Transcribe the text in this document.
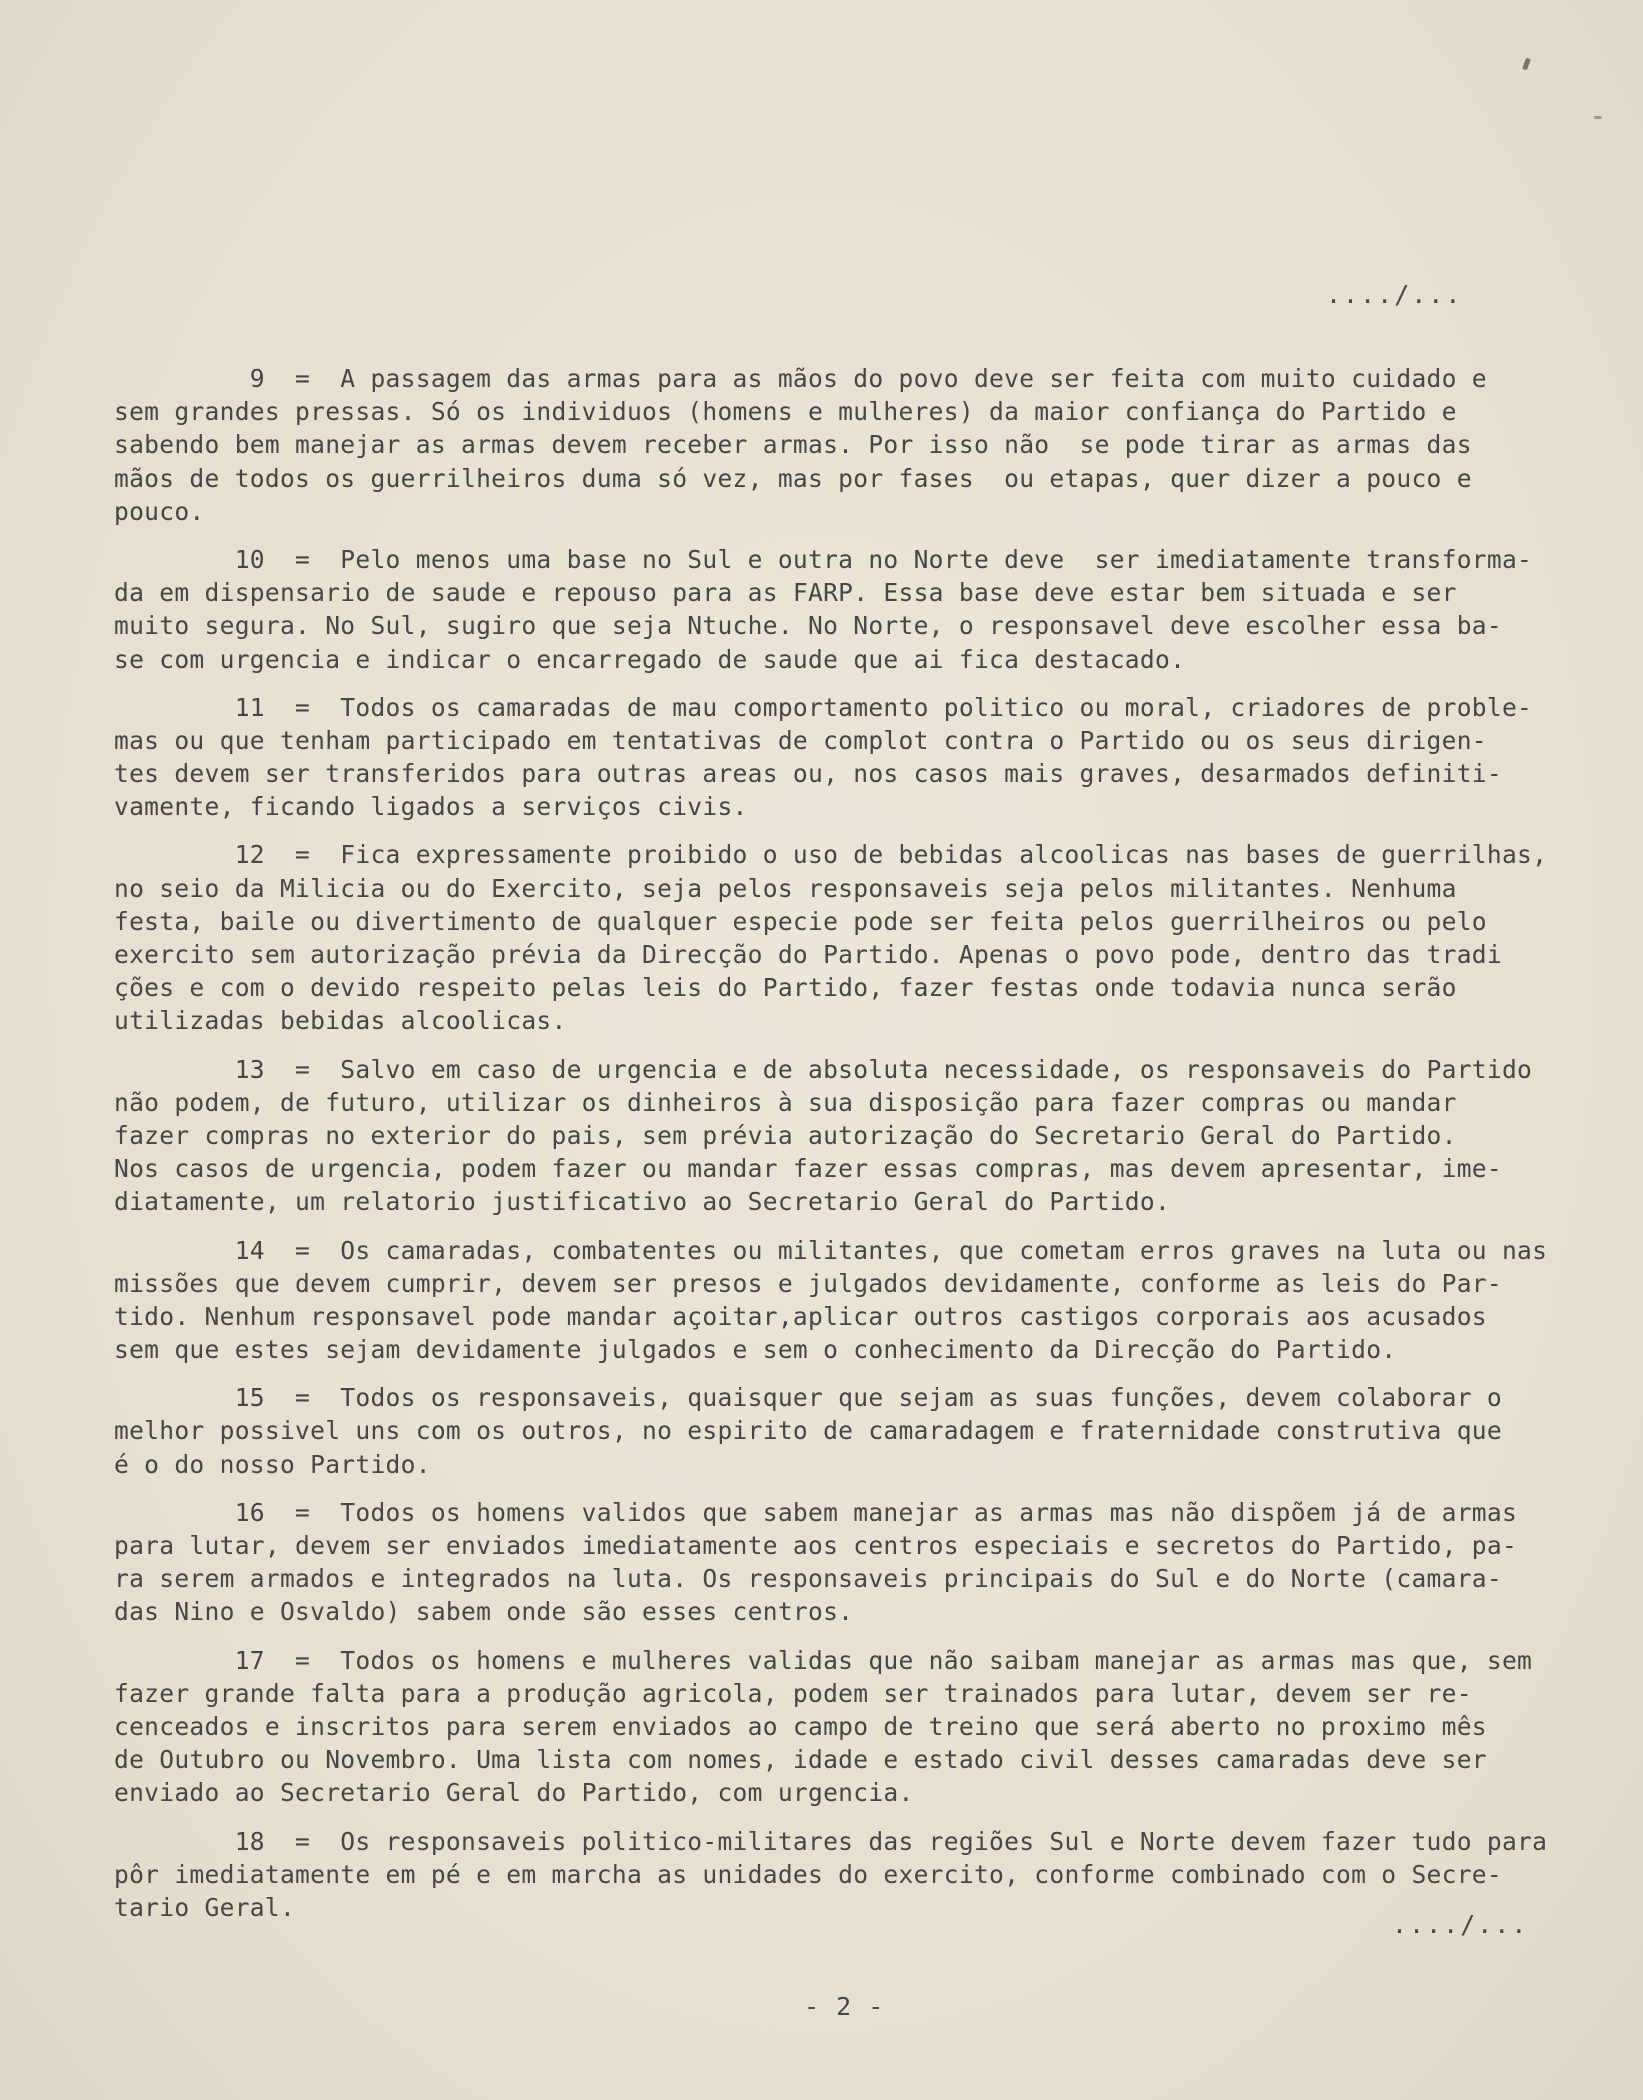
..../...
9  =  A passagem das armas para as mãos do povo deve ser feita com muito cuidado e
sem grandes pressas. Só os individuos (homens e mulheres) da maior confiança do Partido e
sabendo bem manejar as armas devem receber armas. Por isso não  se pode tirar as armas das
mãos de todos os guerrilheiros duma só vez, mas por fases  ou etapas, quer dizer a pouco e
pouco.
10  =  Pelo menos uma base no Sul e outra no Norte deve  ser imediatamente transforma-
da em dispensario de saude e repouso para as FARP. Essa base deve estar bem situada e ser
muito segura. No Sul, sugiro que seja Ntuche. No Norte, o responsavel deve escolher essa ba-
se com urgencia e indicar o encarregado de saude que ai fica destacado.
11  =  Todos os camaradas de mau comportamento politico ou moral, criadores de proble-
mas ou que tenham participado em tentativas de complot contra o Partido ou os seus dirigen-
tes devem ser transferidos para outras areas ou, nos casos mais graves, desarmados definiti-
vamente, ficando ligados a serviços civis.
12  =  Fica expressamente proibido o uso de bebidas alcoolicas nas bases de guerrilhas,
no seio da Milicia ou do Exercito, seja pelos responsaveis seja pelos militantes. Nenhuma
festa, baile ou divertimento de qualquer especie pode ser feita pelos guerrilheiros ou pelo
exercito sem autorização prévia da Direcção do Partido. Apenas o povo pode, dentro das tradi
ções e com o devido respeito pelas leis do Partido, fazer festas onde todavia nunca serão
utilizadas bebidas alcoolicas.
13  =  Salvo em caso de urgencia e de absoluta necessidade, os responsaveis do Partido
não podem, de futuro, utilizar os dinheiros à sua disposição para fazer compras ou mandar
fazer compras no exterior do pais, sem prévia autorização do Secretario Geral do Partido.
Nos casos de urgencia, podem fazer ou mandar fazer essas compras, mas devem apresentar, ime-
diatamente, um relatorio justificativo ao Secretario Geral do Partido.
14  =  Os camaradas, combatentes ou militantes, que cometam erros graves na luta ou nas
missões que devem cumprir, devem ser presos e julgados devidamente, conforme as leis do Par-
tido. Nenhum responsavel pode mandar açoitar,aplicar outros castigos corporais aos acusados
sem que estes sejam devidamente julgados e sem o conhecimento da Direcção do Partido.
15  =  Todos os responsaveis, quaisquer que sejam as suas funções, devem colaborar o
melhor possivel uns com os outros, no espirito de camaradagem e fraternidade construtiva que
é o do nosso Partido.
16  =  Todos os homens validos que sabem manejar as armas mas não dispõem já de armas
para lutar, devem ser enviados imediatamente aos centros especiais e secretos do Partido, pa-
ra serem armados e integrados na luta. Os responsaveis principais do Sul e do Norte (camara-
das Nino e Osvaldo) sabem onde são esses centros.
17  =  Todos os homens e mulheres validas que não saibam manejar as armas mas que, sem
fazer grande falta para a produção agricola, podem ser trainados para lutar, devem ser re-
cenceados e inscritos para serem enviados ao campo de treino que será aberto no proximo mês
de Outubro ou Novembro. Uma lista com nomes, idade e estado civil desses camaradas deve ser
enviado ao Secretario Geral do Partido, com urgencia.
18  =  Os responsaveis politico-militares das regiões Sul e Norte devem fazer tudo para
pôr imediatamente em pé e em marcha as unidades do exercito, conforme combinado com o Secre-
tario Geral.
..../...
- 2 -
